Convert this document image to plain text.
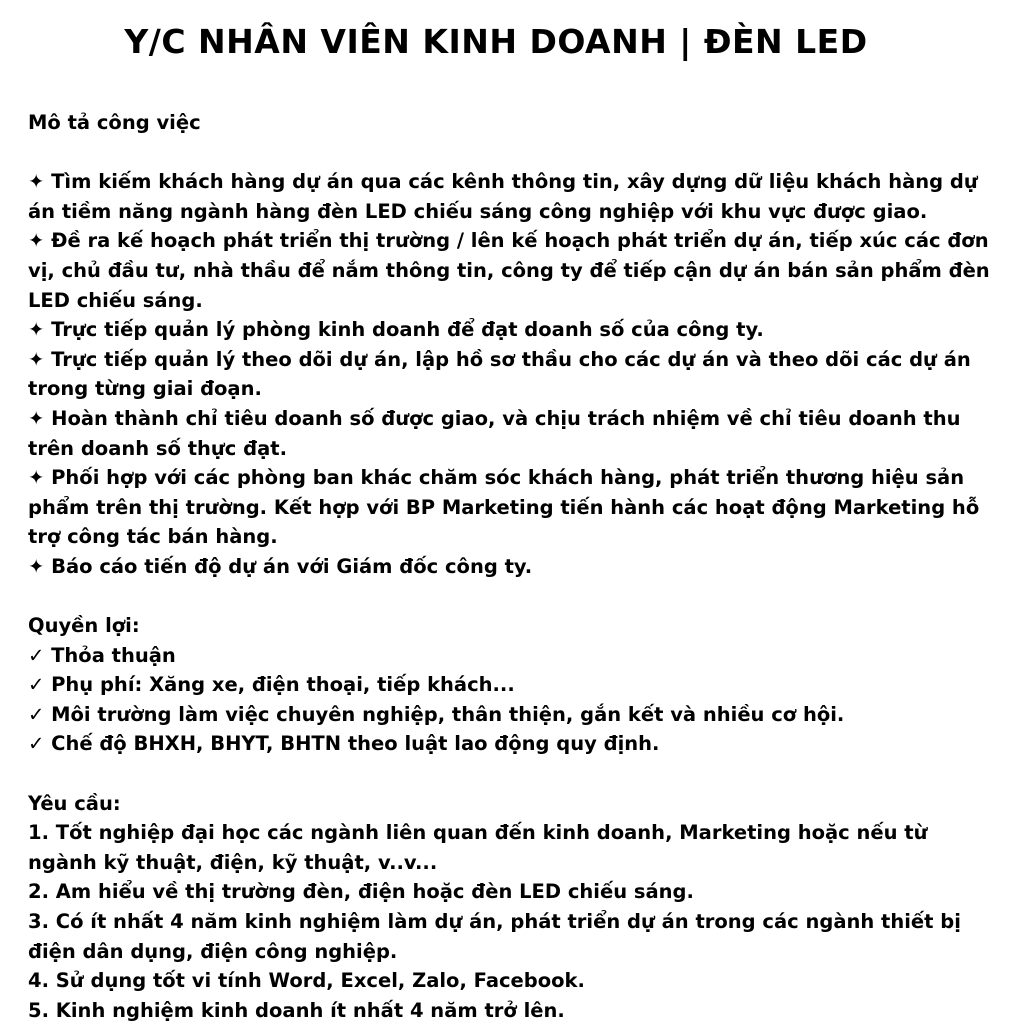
Y/C NHÂN VIÊN KINH DOANH | ĐÈN LED

Mô tả công việc

✦ Tìm kiếm khách hàng dự án qua các kênh thông tin, xây dựng dữ liệu khách hàng dự án tiềm năng ngành hàng đèn LED chiếu sáng công nghiệp với khu vực được giao.

✦ Đề ra kế hoạch phát triển thị trường / lên kế hoạch phát triển dự án, tiếp xúc các đơn vị, chủ đầu tư, nhà thầu để nắm thông tin, công ty để tiếp cận dự án bán sản phẩm đèn LED chiếu sáng.

✦ Trực tiếp quản lý phòng kinh doanh để đạt doanh số của công ty.

✦ Trực tiếp quản lý theo dõi dự án, lập hồ sơ thầu cho các dự án và theo dõi các dự án trong từng giai đoạn.

✦ Hoàn thành chỉ tiêu doanh số được giao, và chịu trách nhiệm về chỉ tiêu doanh thu trên doanh số thực đạt.

✦ Phối hợp với các phòng ban khác chăm sóc khách hàng, phát triển thương hiệu sản phẩm trên thị trường. Kết hợp với BP Marketing tiến hành các hoạt động Marketing hỗ trợ công tác bán hàng.

✦ Báo cáo tiến độ dự án với Giám đốc công ty.

Quyền lợi:

✓ Thỏa thuận

✓ Phụ phí: Xăng xe, điện thoại, tiếp khách...

✓ Môi trường làm việc chuyên nghiệp, thân thiện, gắn kết và nhiều cơ hội.

✓ Chế độ BHXH, BHYT, BHTN theo luật lao động quy định.

Yêu cầu:

1. Tốt nghiệp đại học các ngành liên quan đến kinh doanh, Marketing hoặc nếu từ ngành kỹ thuật, điện, kỹ thuật, v..v...

2. Am hiểu về thị trường đèn, điện hoặc đèn LED chiếu sáng.

3. Có ít nhất 4 năm kinh nghiệm làm dự án, phát triển dự án trong các ngành thiết bị điện dân dụng, điện công nghiệp.

4. Sử dụng tốt vi tính Word, Excel, Zalo, Facebook.

5. Kinh nghiệm kinh doanh ít nhất 4 năm trở lên.
